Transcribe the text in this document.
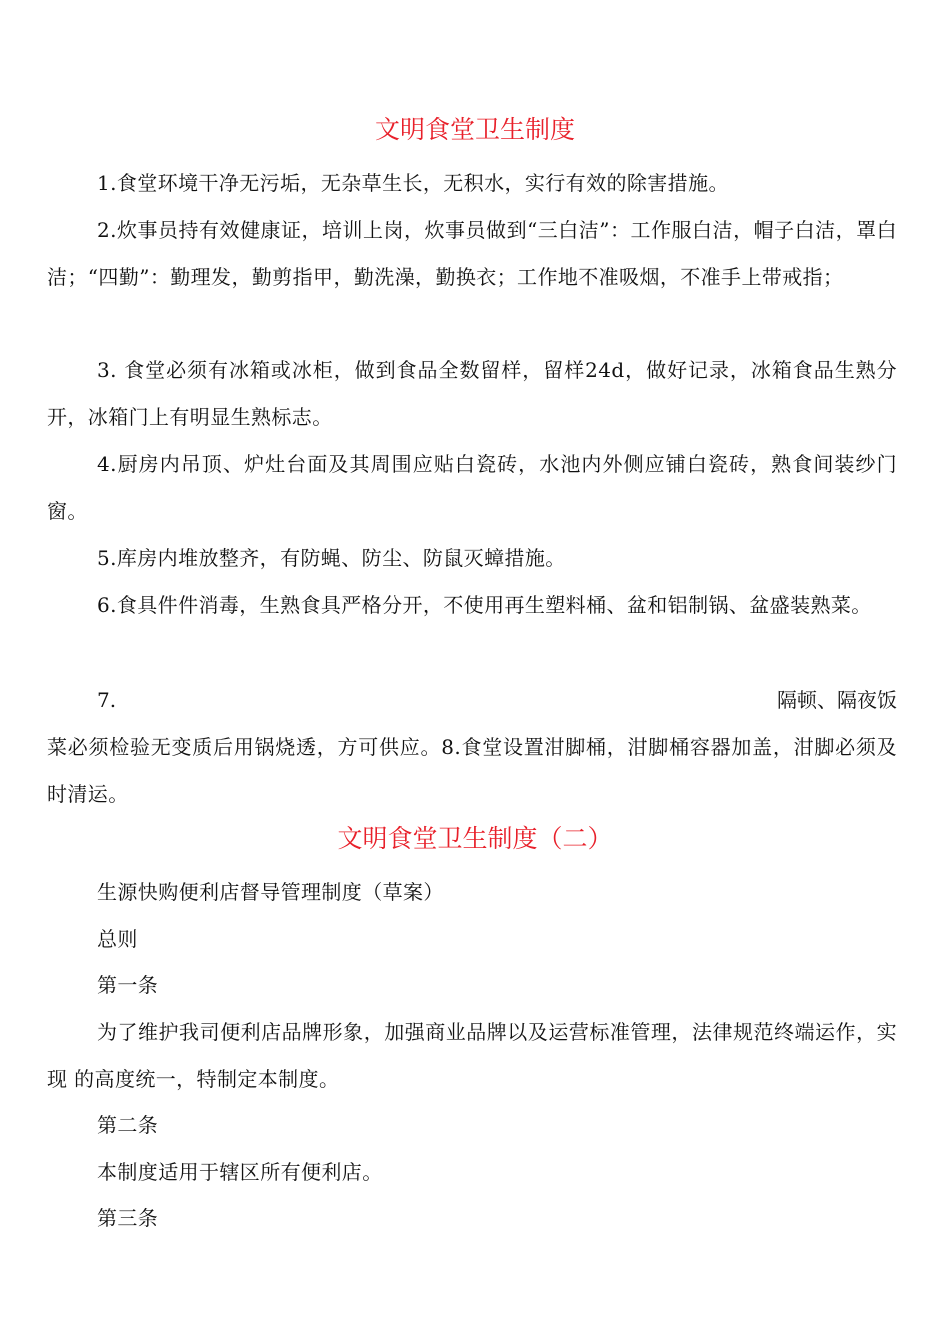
文明食堂卫生制度

1.食堂环境干净无污垢，无杂草生长，无积水，实行有效的除害措施。

2.炊事员持有效健康证，培训上岗，炊事员做到“三白洁”：工作服白洁，帽子白洁，罩白洁；“四勤”：勤理发，勤剪指甲，勤洗澡，勤换衣；工作地不准吸烟，不准手上带戒指；

3. 食堂必须有冰箱或冰柜，做到食品全数留样，留样24d，做好记录，冰箱食品生熟分开，冰箱门上有明显生熟标志。

4.厨房内吊顶、炉灶台面及其周围应贴白瓷砖，水池内外侧应铺白瓷砖，熟食间装纱门窗。

5.库房内堆放整齐，有防蝇、防尘、防鼠灭蟑措施。

6.食具件件消毒，生熟食具严格分开，不使用再生塑料桶、盆和铝制锅、盆盛装熟菜。

7.	隔顿、隔夜饭

菜必须检验无变质后用锅烧透，方可供应。8.食堂设置泔脚桶，泔脚桶容器加盖，泔脚必须及时清运。

文明食堂卫生制度（二）

生源快购便利店督导管理制度（草案）

总则

第一条

为了维护我司便利店品牌形象，加强商业品牌以及运营标准管理，法律规范终端运作，实现 的高度统一，特制定本制度。

第二条

本制度适用于辖区所有便利店。

第三条
